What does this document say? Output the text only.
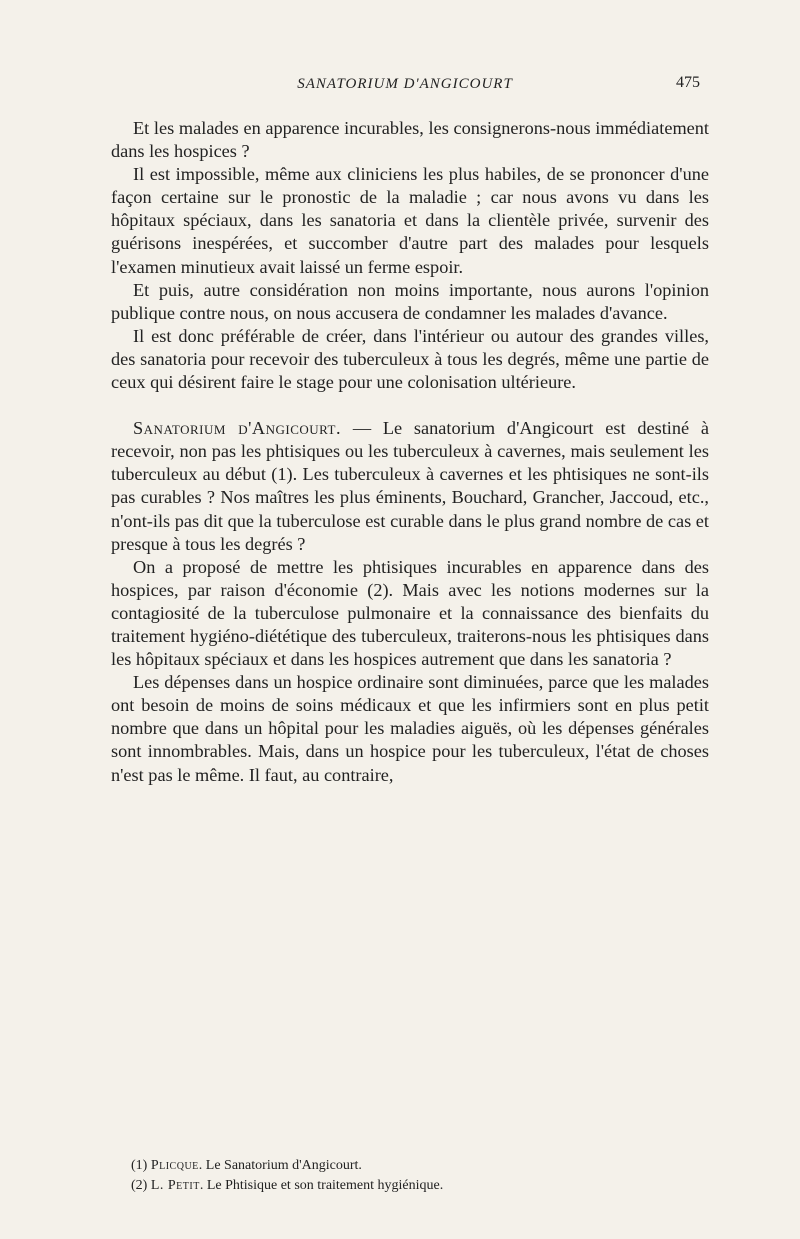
SANATORIUM D'ANGICOURT	475

Et les malades en apparence incurables, les consignerons-nous immédiatement dans les hospices ?

Il est impossible, même aux cliniciens les plus habiles, de se prononcer d'une façon certaine sur le pronostic de la maladie ; car nous avons vu dans les hôpitaux spéciaux, dans les sanatoria et dans la clientèle privée, survenir des guérisons inespérées, et succomber d'autre part des malades pour lesquels l'examen minutieux avait laissé un ferme espoir.

Et puis, autre considération non moins importante, nous aurons l'opinion publique contre nous, on nous accusera de condamner les malades d'avance.

Il est donc préférable de créer, dans l'intérieur ou autour des grandes villes, des sanatoria pour recevoir des tuberculeux à tous les degrés, même une partie de ceux qui désirent faire le stage pour une colonisation ultérieure.

Sanatorium d'Angicourt. — Le sanatorium d'Angicourt est destiné à recevoir, non pas les phtisiques ou les tuberculeux à cavernes, mais seulement les tuberculeux au début (1). Les tuberculeux à cavernes et les phtisiques ne sont-ils pas curables ? Nos maîtres les plus éminents, Bouchard, Grancher, Jaccoud, etc., n'ont-ils pas dit que la tuberculose est curable dans le plus grand nombre de cas et presque à tous les degrés ?

On a proposé de mettre les phtisiques incurables en apparence dans des hospices, par raison d'économie (2). Mais avec les notions modernes sur la contagiosité de la tuberculose pulmonaire et la connaissance des bienfaits du traitement hygiéno-diététique des tuberculeux, traiterons-nous les phtisiques dans les hôpitaux spéciaux et dans les hospices autrement que dans les sanatoria ?

Les dépenses dans un hospice ordinaire sont diminuées, parce que les malades ont besoin de moins de soins médicaux et que les infirmiers sont en plus petit nombre que dans un hôpital pour les maladies aiguës, où les dépenses générales sont innombrables. Mais, dans un hospice pour les tuberculeux, l'état de choses n'est pas le même. Il faut, au contraire,

(1) Plicque. Le Sanatorium d'Angicourt.
(2) L. Petit. Le Phtisique et son traitement hygiénique.
